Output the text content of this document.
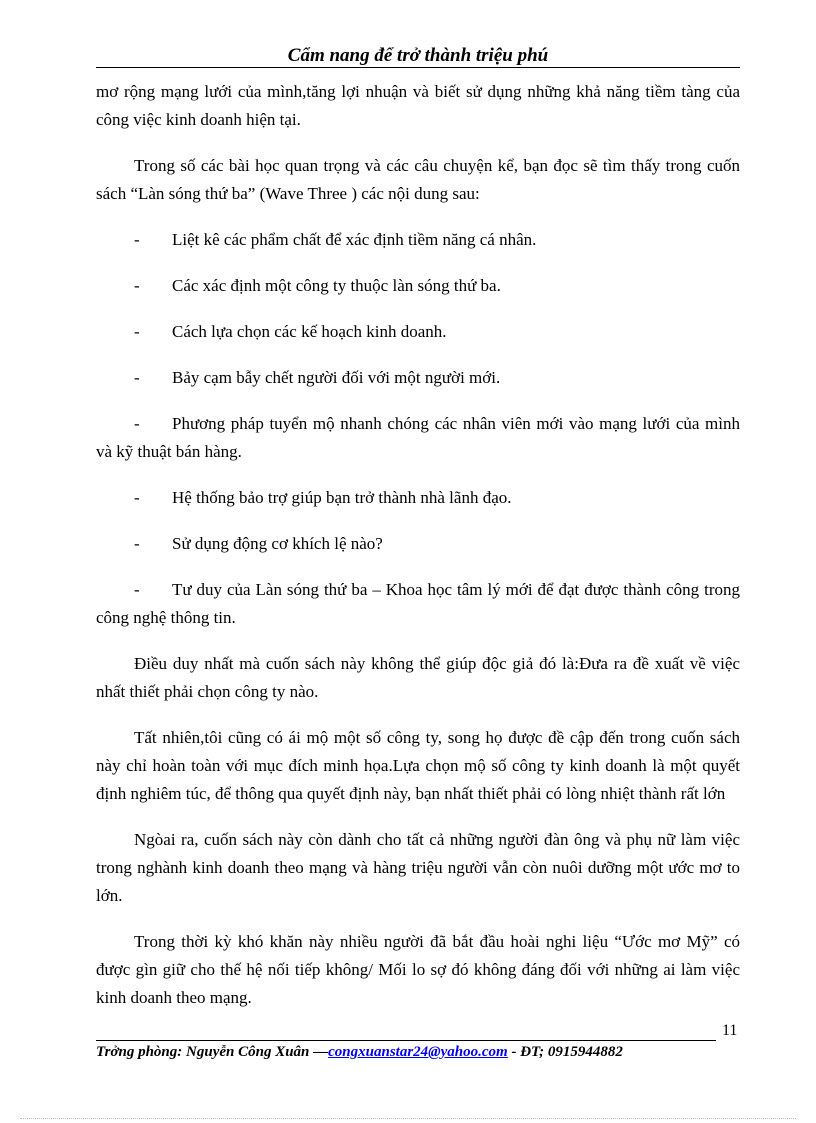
Cẩm nang để trở thành triệu phú

mơ rộng mạng lưới của mình,tăng lợi nhuận và biết sử dụng những khả năng tiềm tàng của công việc kinh doanh hiện tại.

Trong số các bài học quan trọng và các câu chuyện kể, bạn đọc sẽ tìm thấy trong cuốn sách “Làn sóng thứ ba” (Wave Three ) các nội dung sau:

-	Liệt kê các phẩm chất để xác định tiềm năng cá nhân.
-	Các xác định một công ty thuộc làn sóng thứ ba.
-	Cách lựa chọn các kế hoạch kinh doanh.
-	Bảy cạm bẫy chết người đối với một người mới.
- Phương pháp tuyển mộ nhanh chóng các nhân viên mới vào mạng lưới của mình và kỹ thuật bán hàng.
-	Hệ thống bảo trợ giúp bạn trở thành nhà lãnh đạo.
-	Sử dụng động cơ khích lệ nào?
- Tư duy của Làn sóng thứ ba – Khoa học tâm lý mới để đạt được thành công trong công nghệ thông tin.

Điều duy nhất mà cuốn sách này không thể giúp độc giả đó là:Đưa ra đề xuất về việc nhất thiết phải chọn công ty nào.

Tất nhiên,tôi cũng có ái mộ một số công ty, song họ được đề cập đến trong cuốn sách này chỉ hoàn toàn với mục đích minh họa.Lựa chọn mộ số công ty kinh doanh là một quyết định nghiêm túc, để thông qua quyết định này, bạn nhất thiết phải có lòng nhiệt thành rất lớn

Ngòai ra, cuốn sách này còn dành cho tất cả những người đàn ông và phụ nữ làm việc trong nghành kinh doanh theo mạng và hàng triệu người vẫn còn nuôi dưỡng một ước mơ to lớn.

Trong thời kỳ khó khăn này nhiều người đã bắt đầu hoài nghi liệu “Ước mơ Mỹ” có được gìn giữ cho thế hệ nối tiếp không/ Mối lo sợ đó không đáng đối với những ai làm việc kinh doanh theo mạng.

11
Trởng phòng: Nguyễn Công Xuân —congxuanstar24@yahoo.com - ĐT; 0915944882
